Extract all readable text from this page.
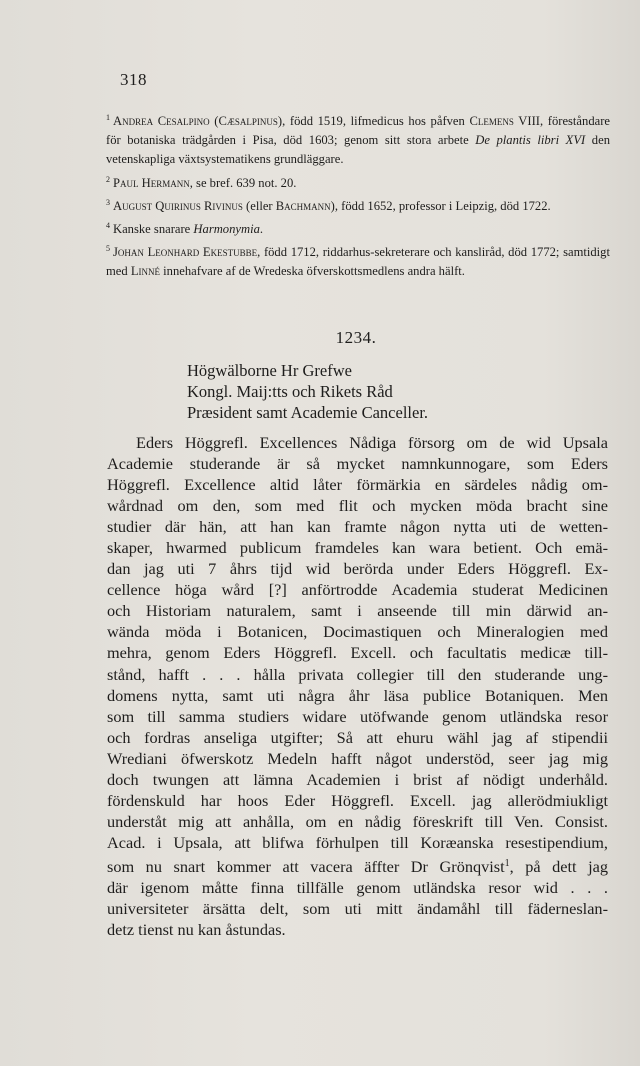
318

$^1$ Andrea Cesalpino (Cæsalpinus), född 1519, lifmedicus hos påfven Clemens VIII, föreståndare för botaniska trädgården i Pisa, död 1603; genom sitt stora arbete De plantis libri XVI den vetenskapliga växtsystematikens grundläggare.

$^2$ Paul Hermann, se bref. 639 not. 20.

$^3$ August Quirinus Rivinus (eller Bachmann), född 1652, professor i Leipzig, död 1722.

$^4$ Kanske snarare Harmonymia.

$^5$ Johan Leonhard Ekestubbe, född 1712, riddarhus-sekreterare och kansliråd, död 1772; samtidigt med Linné innehafvare af de Wredeska öfverskottsmedlens andra hälft.

1234.
Högwälborne Hr Grefwe
Kongl. Maij:tts och Rikets Råd
Præsident samt Academie Canceller.
Eders Höggrefl. Excellences Nådiga försorg om de wid Upsala
Academie studerande är så mycket namnkunnogare, som Eders
Höggrefl. Excellence altid låter förmärkia en särdeles nådig om-
wårdnad om den, som med flit och mycken möda bracht sine
studier där hän, att han kan framte någon nytta uti de wetten-
skaper, hwarmed publicum framdeles kan wara betient. Och emä-
dan jag uti 7 åhrs tijd wid berörda under Eders Höggrefl. Ex-
cellence höga wård [?] anförtrodde Academia studerat Medicinen
och Historiam naturalem, samt i anseende till min därwid an-
wända möda i Botanicen, Docimastiquen och Mineralogien med
mehra, genom Eders Höggrefl. Excell. och facultatis medicæ till-
stånd, hafft . . . hålla privata collegier till den studerande ung-
domens nytta, samt uti några åhr läsa publice Botaniquen. Men
som till samma studiers widare utöfwande genom utländska resor
och fordras anseliga utgifter; Så att ehuru wähl jag af stipendii
Wrediani öfwerskotz Medeln hafft något understöd, seer jag mig
doch twungen att lämna Academien i brist af nödigt underhåld.
fördenskuld har hoos Eder Höggrefl. Excell. jag allerödmiukligt
underståt mig att anhålla, om en nådig föreskrift till Ven. Consist.
Acad. i Upsala, att blifwa förhulpen till Koræanska resestipendium,
som nu snart kommer att vacera äffter Dr Grönqvist$^1$, på dett jag
där igenom måtte finna tillfälle genom utländska resor wid . . .
universiteter ärsätta delt, som uti mitt ändamåhl till fäderneslan-
detz tienst nu kan åstundas.
